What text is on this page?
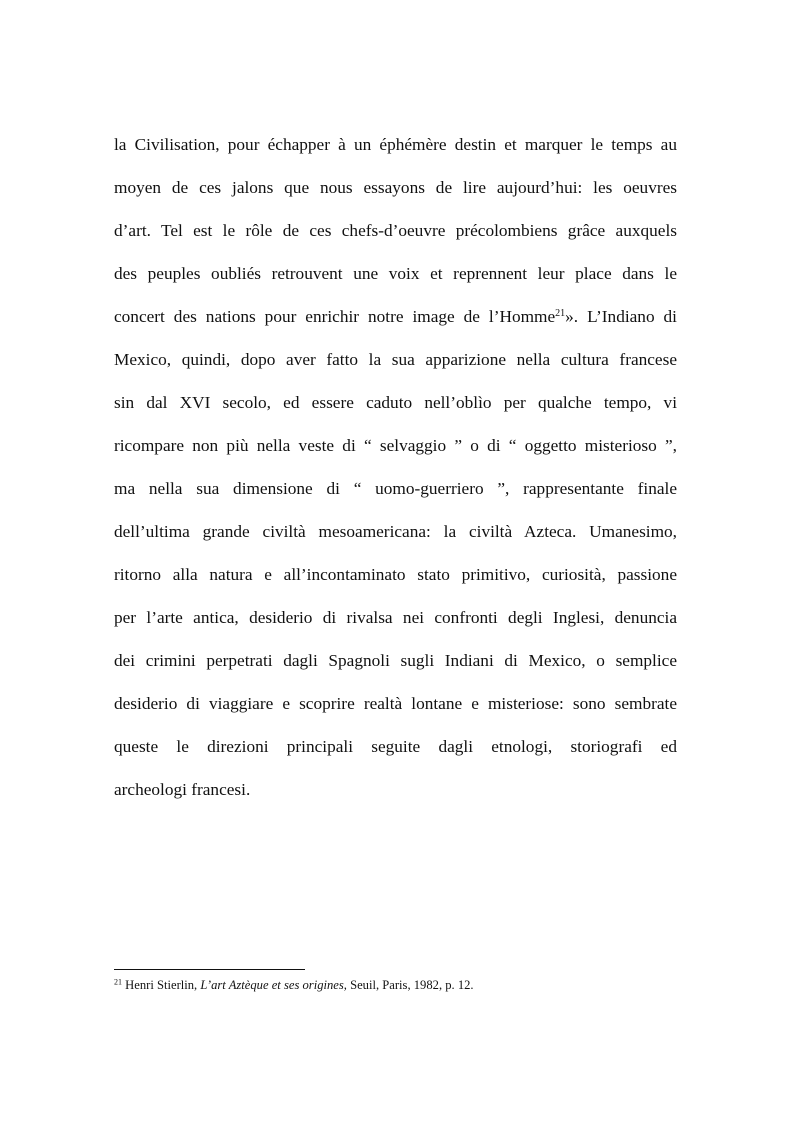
la Civilisation, pour échapper à un éphémère destin et marquer le temps au
moyen de ces jalons que nous essayons de lire aujourd’hui: les oeuvres
d’art. Tel est le rôle de ces chefs-d’oeuvre précolombiens grâce auxquels
des peuples oubliés retrouvent une voix et reprennent leur place dans le
concert des nations pour enrichir notre image de l’Homme$^{21}$». L’Indiano di
Mexico, quindi, dopo aver fatto la sua apparizione nella cultura francese
sin dal XVI secolo, ed essere caduto nell’oblìo per qualche tempo, vi
ricompare non più nella veste di “ selvaggio ” o di “ oggetto misterioso ”,
ma nella sua dimensione di “ uomo-guerriero ”, rappresentante finale
dell’ultima grande civiltà mesoamericana: la civiltà Azteca. Umanesimo,
ritorno alla natura e all’incontaminato stato primitivo, curiosità, passione
per l’arte antica, desiderio di rivalsa nei confronti degli Inglesi, denuncia
dei crimini perpetrati dagli Spagnoli sugli Indiani di Mexico, o semplice
desiderio di viaggiare e scoprire realtà lontane e misteriose: sono sembrate
queste le direzioni principali seguite dagli etnologi, storiografi ed
archeologi francesi.
$^{21}$ Henri Stierlin, L’art Aztèque et ses origines, Seuil, Paris, 1982, p. 12.
